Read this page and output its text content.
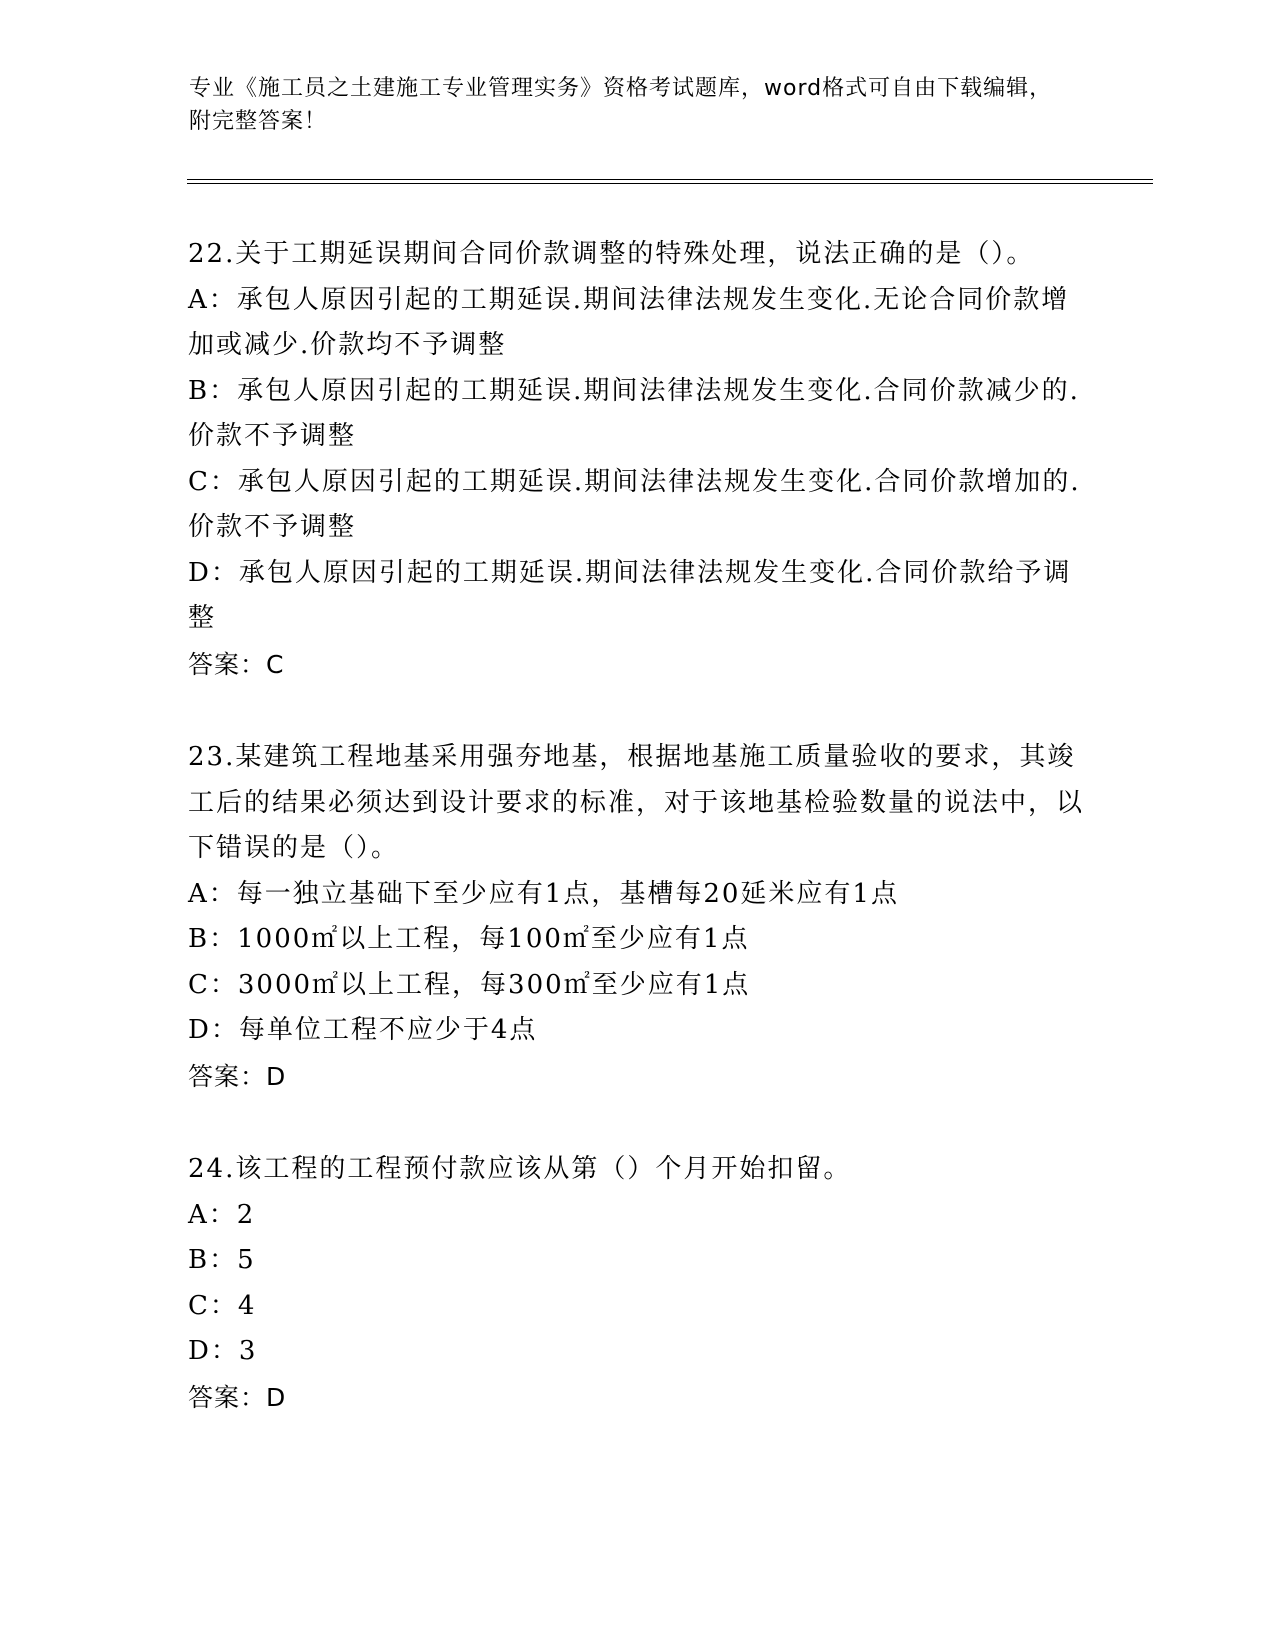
专业《施工员之土建施工专业管理实务》资格考试题库，word格式可自由下载编辑，附完整答案！
22.关于工期延误期间合同价款调整的特殊处理，说法正确的是（）。
A：承包人原因引起的工期延误.期间法律法规发生变化.无论合同价款增加或减少.价款均不予调整
B：承包人原因引起的工期延误.期间法律法规发生变化.合同价款减少的.价款不予调整
C：承包人原因引起的工期延误.期间法律法规发生变化.合同价款增加的.价款不予调整
D：承包人原因引起的工期延误.期间法律法规发生变化.合同价款给予调整
答案：C
23.某建筑工程地基采用强夯地基，根据地基施工质量验收的要求，其竣工后的结果必须达到设计要求的标准，对于该地基检验数量的说法中，以下错误的是（）。
A：每一独立基础下至少应有1点，基槽每20延米应有1点
B：1000㎡以上工程，每100㎡至少应有1点
C：3000㎡以上工程，每300㎡至少应有1点
D：每单位工程不应少于4点
答案：D
24.该工程的工程预付款应该从第（）个月开始扣留。
A：2
B：5
C：4
D：3
答案：D
